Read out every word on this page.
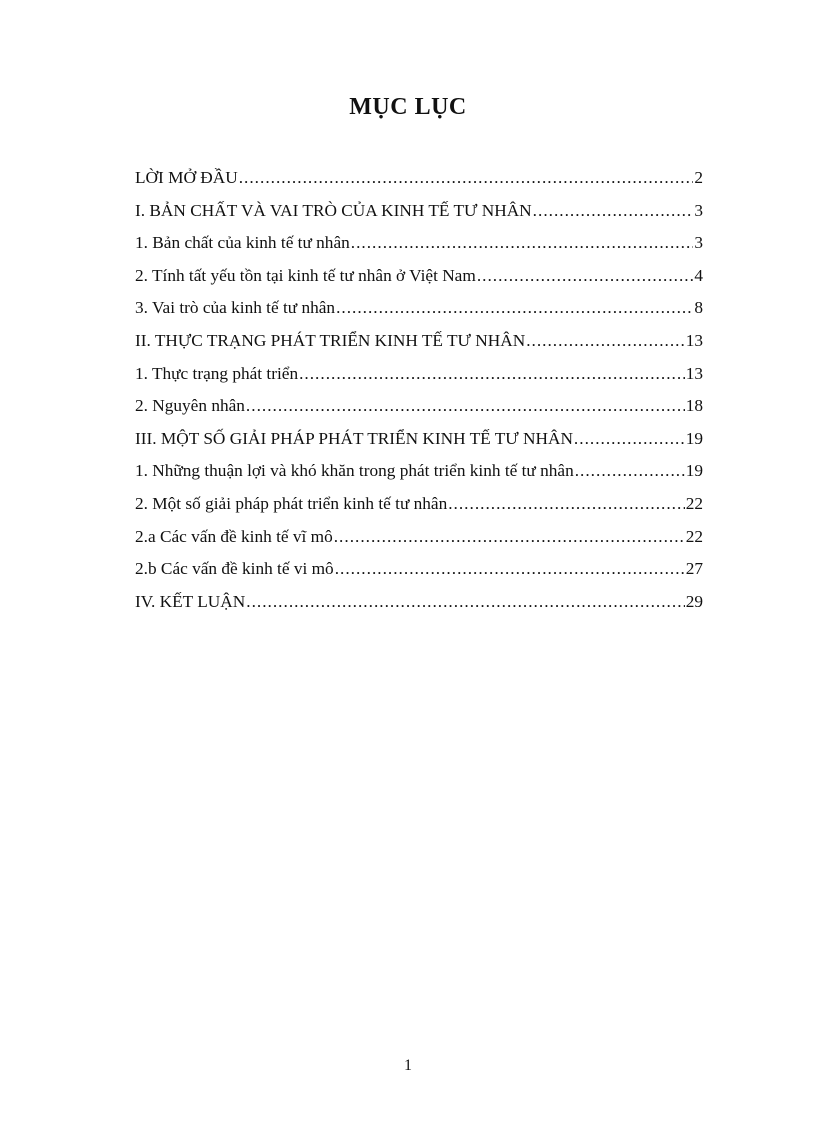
MỤC LỤC
LỜI MỞ ĐẦU .....	2
I. BẢN CHẤT VÀ VAI TRÒ CỦA KINH TẾ TƯ NHÂN .....	3
1. Bản chất của kinh tế tư nhân .....	3
2. Tính tất yếu tồn tại kinh tế tư nhân ở Việt Nam .....	4
3. Vai trò của kinh tế tư nhân .....	8
II. THỰC TRẠNG PHÁT TRIỂN KINH TẾ TƯ NHÂN .....	13
1. Thực trạng phát triển .....	13
2. Nguyên nhân .....	18
III. MỘT SỐ GIẢI PHÁP PHÁT TRIỂN KINH TẾ TƯ NHÂN .....	19
1. Những thuận lợi và khó khăn trong phát triển kinh tế tư nhân .....	19
2. Một số giải pháp phát triển kinh tế tư nhân .....	22
2.a Các vấn đề kinh tế vĩ mô .....	22
2.b Các vấn đề kinh tế vi mô .....	27
IV. KẾT LUẬN .....	29
1
